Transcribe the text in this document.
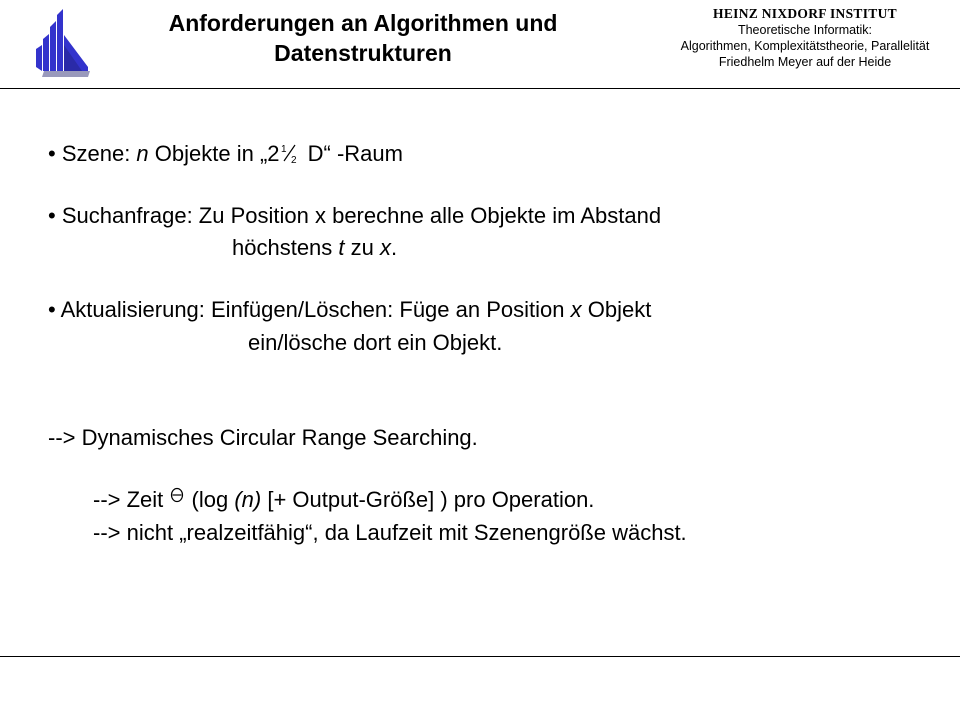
Anforderungen an Algorithmen und
Datenstrukturen
HEINZ NIXDORF INSTITUT
Theoretische Informatik:
Algorithmen, Komplexitätstheorie, Parallelität
Friedhelm Meyer auf der Heide
• Szene: n Objekte in „2 1
2 D“ -Raum
• Suchanfrage: Zu Position x berechne alle Objekte im Abstand
höchstens t zu x.
• Aktualisierung: Einfügen/Löschen: Füge an Position x Objekt
ein/lösche dort ein Objekt.
--> Dynamisches Circular Range Searching.
--> Zeit  (log (n) [+ Output-Größe] ) pro Operation.
--> nicht „realzeitfähig“, da Laufzeit mit Szenengröße wächst.
